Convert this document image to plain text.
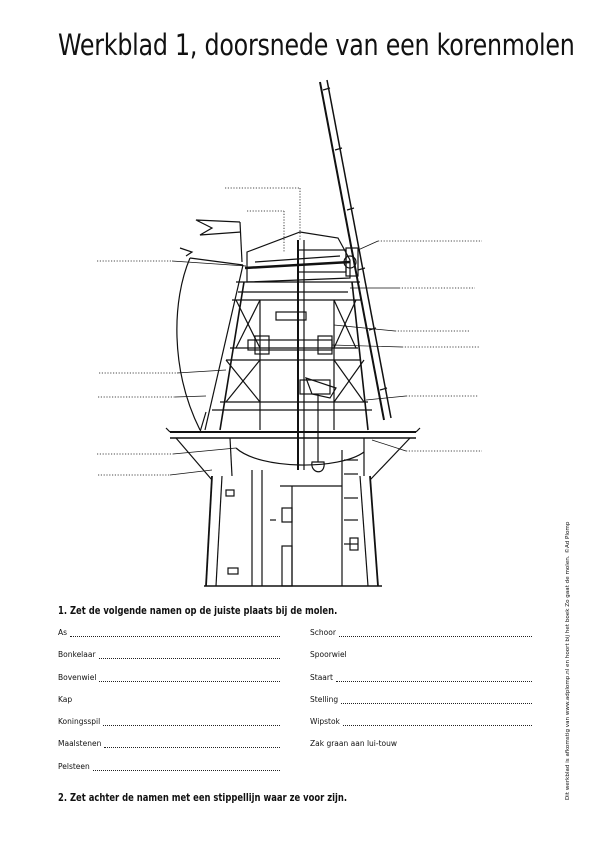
Werkblad 1, doorsnede van een korenmolen
1. Zet de volgende namen op de juiste plaats bij de molen.
As
Bonkelaar
Bovenwiel
Kap
Koningsspil
Maalstenen
Pelsteen
Schoor
Spoorwiel
Staart
Stelling
Wipstok
Zak graan aan lui-touw
2. Zet achter de namen met een stippellijn waar ze voor zijn.	Dit werkblad is afkomstig van www.adplomp.nl en hoort bij het boek Zo gaat de molen. ©Ad Plomp
